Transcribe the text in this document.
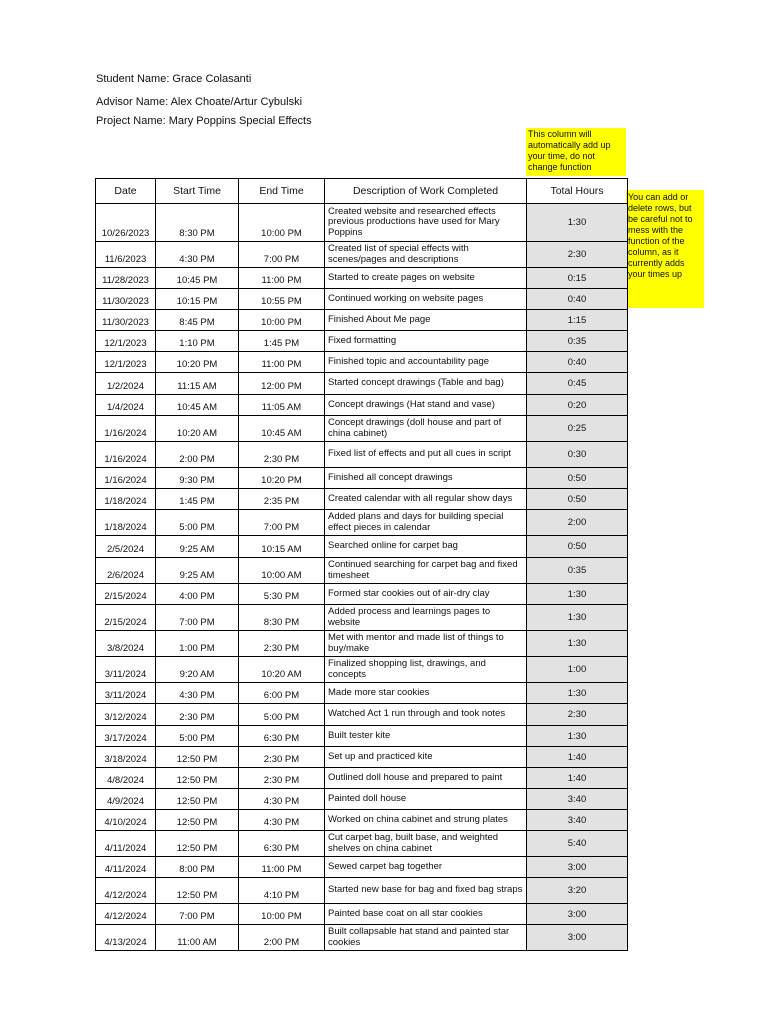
Student Name: Grace Colasanti
Advisor Name: Alex Choate/Artur Cybulski
Project Name: Mary Poppins Special Effects
This column will automatically add up your time, do not change function
You can add or delete rows, but be careful not to mess with the function of the column, as it currently adds your times up
Date	Start Time	End Time	Description of Work Completed	Total Hours
10/26/2023	8:30 PM	10:00 PM	Created website and researched effects previous productions have used for Mary Poppins	1:30
11/6/2023	4:30 PM	7:00 PM	Created list of special effects with scenes/pages and descriptions	2:30
11/28/2023	10:45 PM	11:00 PM	Started to create pages on website	0:15
11/30/2023	10:15 PM	10:55 PM	Continued working on website pages	0:40
11/30/2023	8:45 PM	10:00 PM	Finished About Me page	1:15
12/1/2023	1:10 PM	1:45 PM	Fixed formatting	0:35
12/1/2023	10:20 PM	11:00 PM	Finished topic and accountability page	0:40
1/2/2024	11:15 AM	12:00 PM	Started concept drawings (Table and bag)	0:45
1/4/2024	10:45 AM	11:05 AM	Concept drawings (Hat stand and vase)	0:20
1/16/2024	10:20 AM	10:45 AM	Concept drawings (doll house and part of china cabinet)	0:25
1/16/2024	2:00 PM	2:30 PM	Fixed list of effects and put all cues in script	0:30
1/16/2024	9:30 PM	10:20 PM	Finished all concept drawings	0:50
1/18/2024	1:45 PM	2:35 PM	Created calendar with all regular show days	0:50
1/18/2024	5:00 PM	7:00 PM	Added plans and days for building special effect pieces in calendar	2:00
2/5/2024	9:25 AM	10:15 AM	Searched online for carpet bag	0:50
2/6/2024	9:25 AM	10:00 AM	Continued searching for carpet bag and fixed timesheet	0:35
2/15/2024	4:00 PM	5:30 PM	Formed star cookies out of air-dry clay	1:30
2/15/2024	7:00 PM	8:30 PM	Added process and learnings pages to website	1:30
3/8/2024	1:00 PM	2:30 PM	Met with mentor and made list of things to buy/make	1:30
3/11/2024	9:20 AM	10:20 AM	Finalized shopping list, drawings, and concepts	1:00
3/11/2024	4:30 PM	6:00 PM	Made more star cookies	1:30
3/12/2024	2:30 PM	5:00 PM	Watched Act 1 run through and took notes	2:30
3/17/2024	5:00 PM	6:30 PM	Built tester kite	1:30
3/18/2024	12:50 PM	2:30 PM	Set up and practiced kite	1:40
4/8/2024	12:50 PM	2:30 PM	Outlined doll house and prepared to paint	1:40
4/9/2024	12:50 PM	4:30 PM	Painted doll house	3:40
4/10/2024	12:50 PM	4:30 PM	Worked on china cabinet and strung plates	3:40
4/11/2024	12:50 PM	6:30 PM	Cut carpet bag, built base, and weighted shelves on china cabinet	5:40
4/11/2024	8:00 PM	11:00 PM	Sewed carpet bag together	3:00
4/12/2024	12:50 PM	4:10 PM	Started new base for bag and fixed bag straps	3:20
4/12/2024	7:00 PM	10:00 PM	Painted base coat on all star cookies	3:00
4/13/2024	11:00 AM	2:00 PM	Built collapsable hat stand and painted star cookies	3:00
